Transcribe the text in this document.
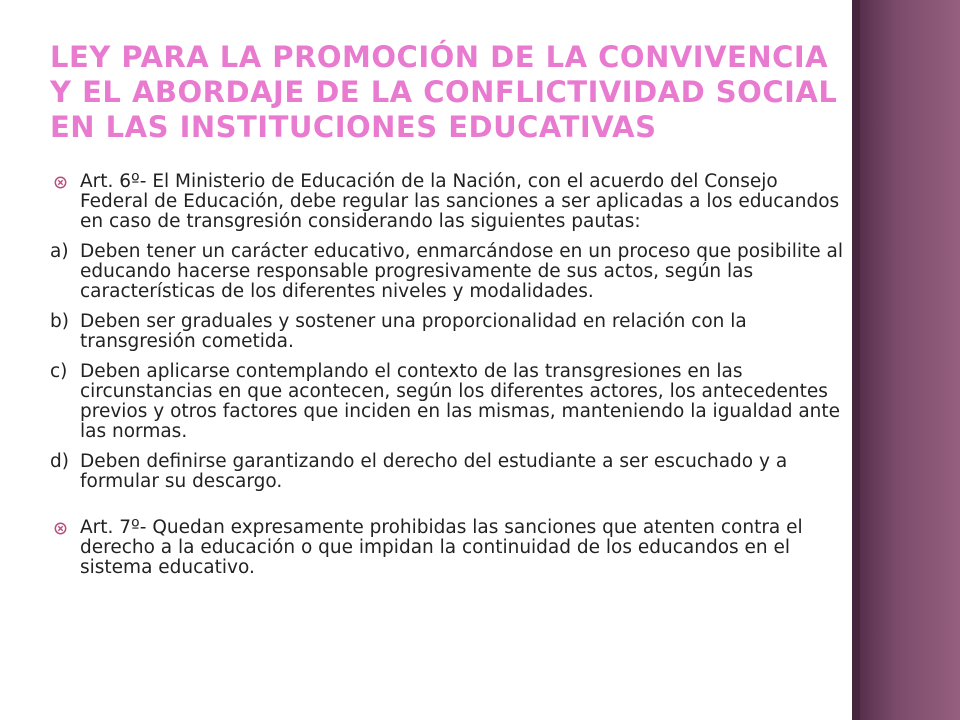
LEY PARA LA PROMOCIÓN DE LA CONVIVENCIA Y EL ABORDAJE DE LA CONFLICTIVIDAD SOCIAL EN LAS INSTITUCIONES EDUCATIVAS

Art. 6º- El Ministerio de Educación de la Nación, con el acuerdo del Consejo Federal de Educación, debe regular las sanciones a ser aplicadas a los educandos en caso de transgresión considerando las siguientes pautas:

a) Deben tener un carácter educativo, enmarcándose en un proceso que posibilite al educando hacerse responsable progresivamente de sus actos, según las características de los diferentes niveles y modalidades.

b) Deben ser graduales y sostener una proporcionalidad en relación con la transgresión cometida.

c) Deben aplicarse contemplando el contexto de las transgresiones en las circunstancias en que acontecen, según los diferentes actores, los antecedentes previos y otros factores que inciden en las mismas, manteniendo la igualdad ante las normas.

d) Deben definirse garantizando el derecho del estudiante a ser escuchado y a formular su descargo.

Art. 7º- Quedan expresamente prohibidas las sanciones que atenten contra el derecho a la educación o que impidan la continuidad de los educandos en el sistema educativo.
